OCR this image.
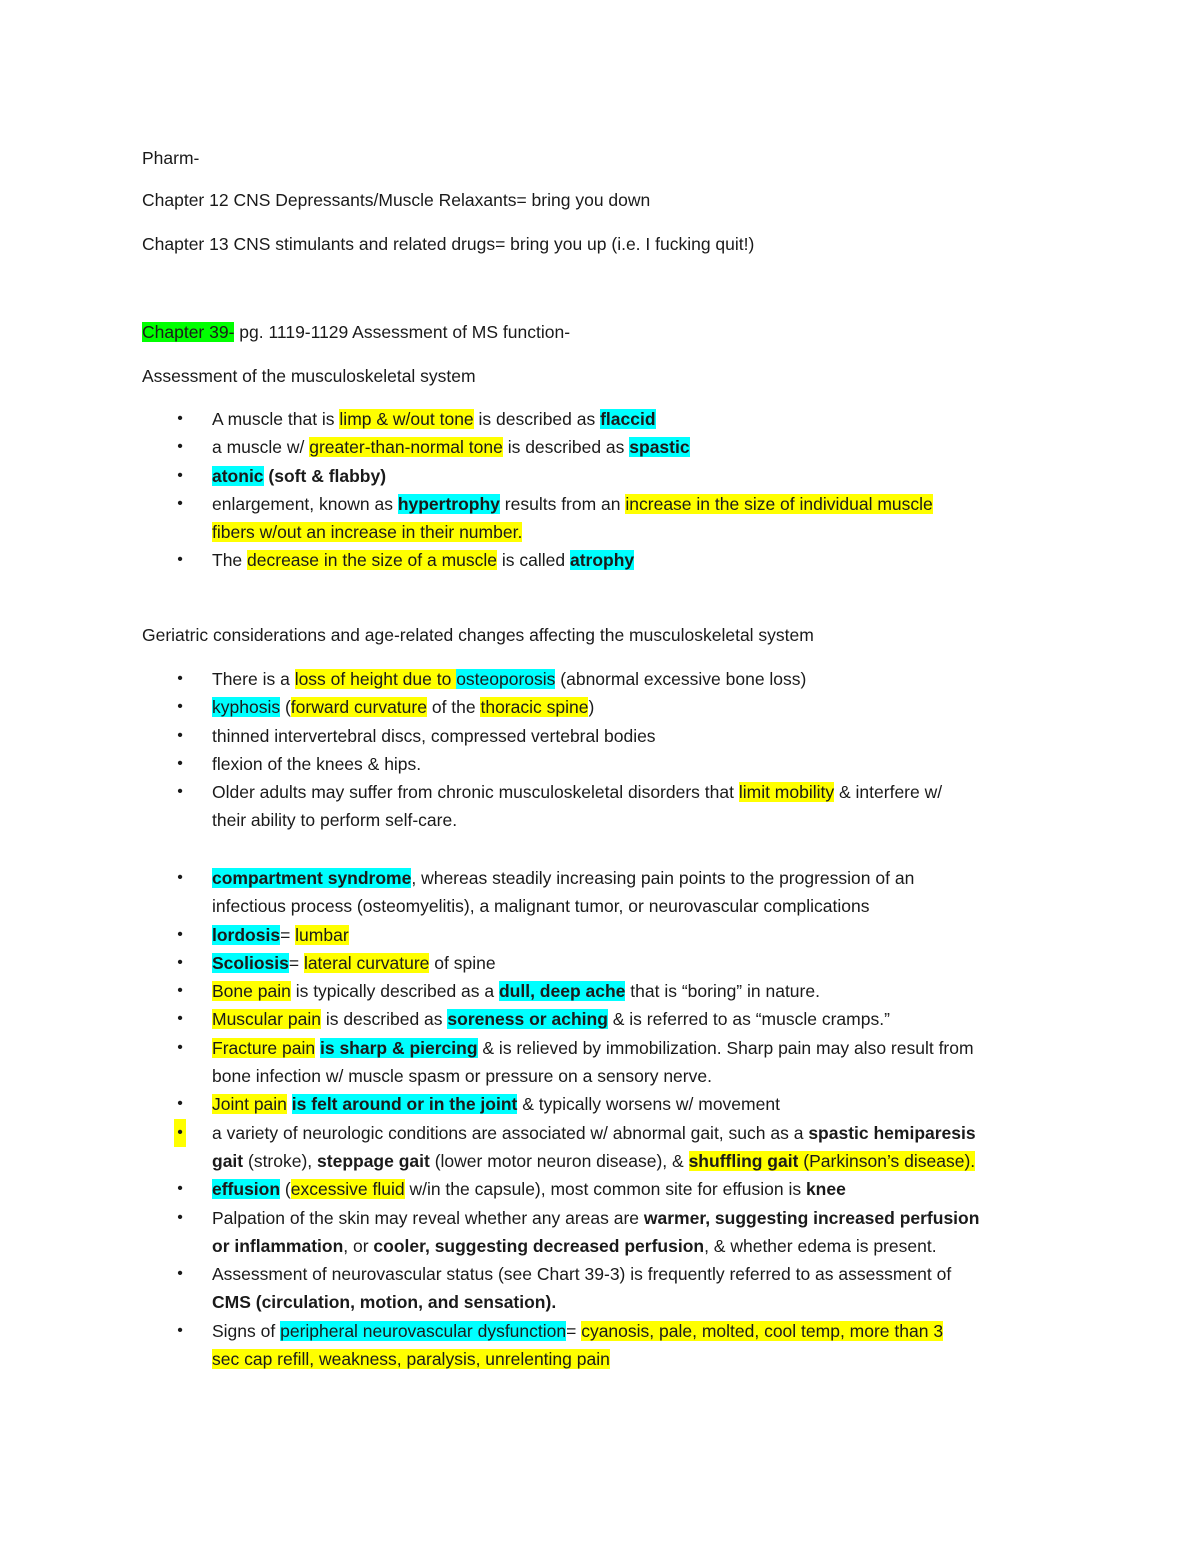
Pharm-

Chapter 12 CNS Depressants/Muscle Relaxants= bring you down

Chapter 13 CNS stimulants and related drugs= bring you up (i.e. I fucking quit!)

Chapter 39- pg. 1119-1129 Assessment of MS function-

Assessment of the musculoskeletal system

• A muscle that is limp & w/out tone is described as flaccid
• a muscle w/ greater-than-normal tone is described as spastic
• atonic (soft & flabby)
• enlargement, known as hypertrophy results from an increase in the size of individual muscle
fibers w/out an increase in their number.
• The decrease in the size of a muscle is called atrophy

Geriatric considerations and age-related changes affecting the musculoskeletal system

• There is a loss of height due to osteoporosis (abnormal excessive bone loss)
• kyphosis (forward curvature of the thoracic spine)
• thinned intervertebral discs, compressed vertebral bodies
• flexion of the knees & hips.
• Older adults may suffer from chronic musculoskeletal disorders that limit mobility & interfere w/
their ability to perform self-care.
• compartment syndrome, whereas steadily increasing pain points to the progression of an
infectious process (osteomyelitis), a malignant tumor, or neurovascular complications
• lordosis= lumbar
• Scoliosis= lateral curvature of spine
• Bone pain is typically described as a dull, deep ache that is “boring” in nature.
• Muscular pain is described as soreness or aching & is referred to as “muscle cramps.”
• Fracture pain is sharp & piercing & is relieved by immobilization. Sharp pain may also result from
bone infection w/ muscle spasm or pressure on a sensory nerve.
• Joint pain is felt around or in the joint & typically worsens w/ movement
• a variety of neurologic conditions are associated w/ abnormal gait, such as a spastic hemiparesis
gait (stroke), steppage gait (lower motor neuron disease), & shuffling gait (Parkinson’s disease).
• effusion (excessive fluid w/in the capsule), most common site for effusion is knee
• Palpation of the skin may reveal whether any areas are warmer, suggesting increased perfusion
or inflammation, or cooler, suggesting decreased perfusion, & whether edema is present.
• Assessment of neurovascular status (see Chart 39-3) is frequently referred to as assessment of
CMS (circulation, motion, and sensation).
• Signs of peripheral neurovascular dysfunction= cyanosis, pale, molted, cool temp, more than 3
sec cap refill, weakness, paralysis, unrelenting pain
